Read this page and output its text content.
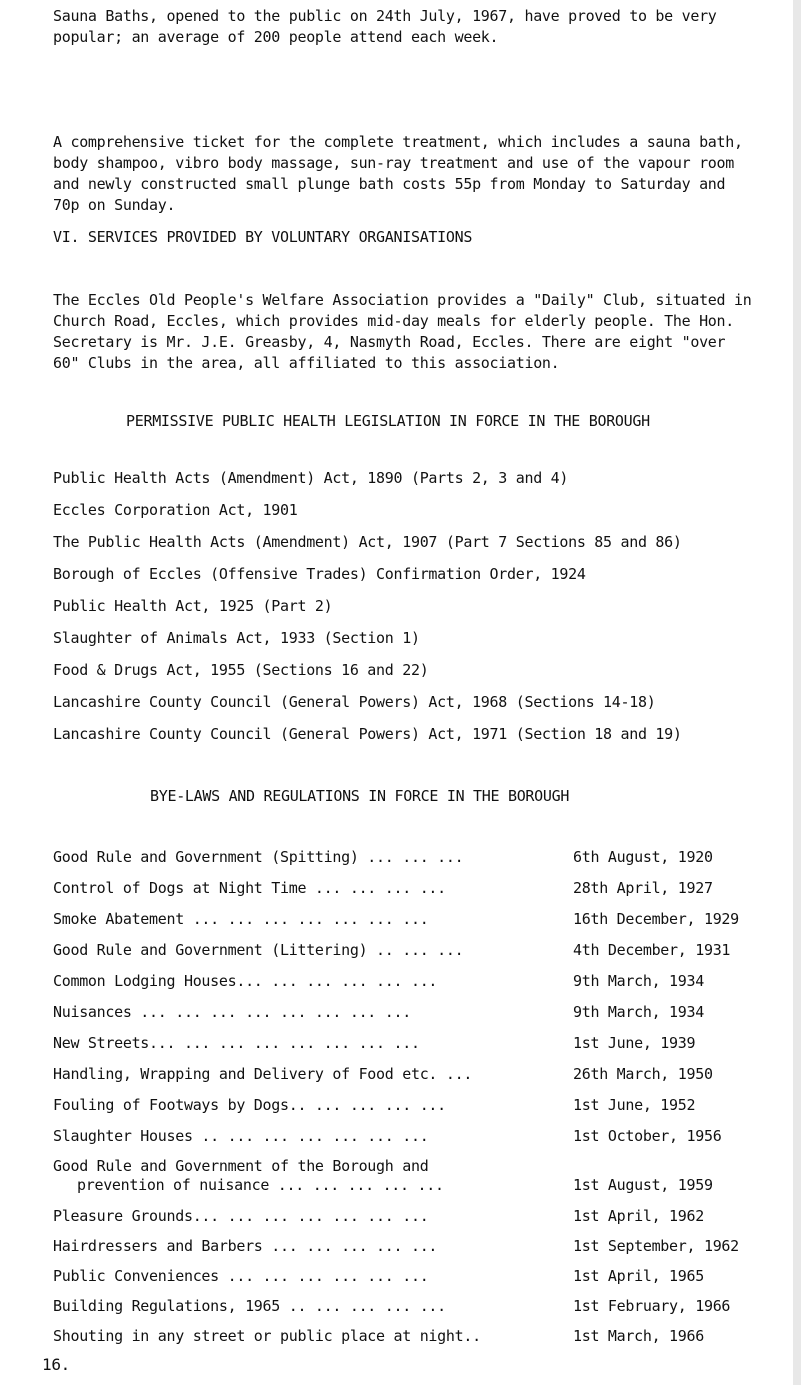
Sauna Baths, opened to the public on 24th July, 1967, have proved to be very popular; an average of 200 people attend each week.

A comprehensive ticket for the complete treatment, which includes a sauna bath, body shampoo, vibro body massage, sun-ray treatment and use of the vapour room and newly constructed small plunge bath costs 55p from Monday to Saturday and 70p on Sunday.

VI. SERVICES PROVIDED BY VOLUNTARY ORGANISATIONS

The Eccles Old People's Welfare Association provides a "Daily" Club, situated in Church Road, Eccles, which provides mid-day meals for elderly people. The Hon. Secretary is Mr. J.E. Greasby, 4, Nasmyth Road, Eccles. There are eight "over 60" Clubs in the area, all affiliated to this association.

PERMISSIVE PUBLIC HEALTH LEGISLATION IN FORCE IN THE BOROUGH

Public Health Acts (Amendment) Act, 1890 (Parts 2, 3 and 4)

Eccles Corporation Act, 1901

The Public Health Acts (Amendment) Act, 1907 (Part 7 Sections 85 and 86)

Borough of Eccles (Offensive Trades) Confirmation Order, 1924

Public Health Act, 1925 (Part 2)

Slaughter of Animals Act, 1933 (Section 1)

Food & Drugs Act, 1955 (Sections 16 and 22)

Lancashire County Council (General Powers) Act, 1968 (Sections 14-18)

Lancashire County Council (General Powers) Act, 1971 (Section 18 and 19)

BYE-LAWS AND REGULATIONS IN FORCE IN THE BOROUGH

Good Rule and Government (Spitting) ... ... ...	6th August, 1920

Control of Dogs at Night Time ... ... ... ...	28th April, 1927

Smoke Abatement ... ... ... ... ... ... ...	16th December, 1929

Good Rule and Government (Littering) .. ... ...	4th December, 1931

Common Lodging Houses... ... ... ... ... ...	9th March, 1934

Nuisances ... ... ... ... ... ... ... ...	9th March, 1934

New Streets... ... ... ... ... ... ... ...	1st June, 1939

Handling, Wrapping and Delivery of Food etc. ...	26th March, 1950

Fouling of Footways by Dogs.. ... ... ... ...	1st June, 1952

Slaughter Houses .. ... ... ... ... ... ...	1st October, 1956

Good Rule and Government of the Borough and

prevention of nuisance ... ... ... ... ...	1st August, 1959

Pleasure Grounds... ... ... ... ... ... ...	1st April, 1962

Hairdressers and Barbers ... ... ... ... ...	1st September, 1962

Public Conveniences ... ... ... ... ... ...	1st April, 1965

Building Regulations, 1965 .. ... ... ... ...	1st February, 1966

Shouting in any street or public place at night..	1st March, 1966

16.
